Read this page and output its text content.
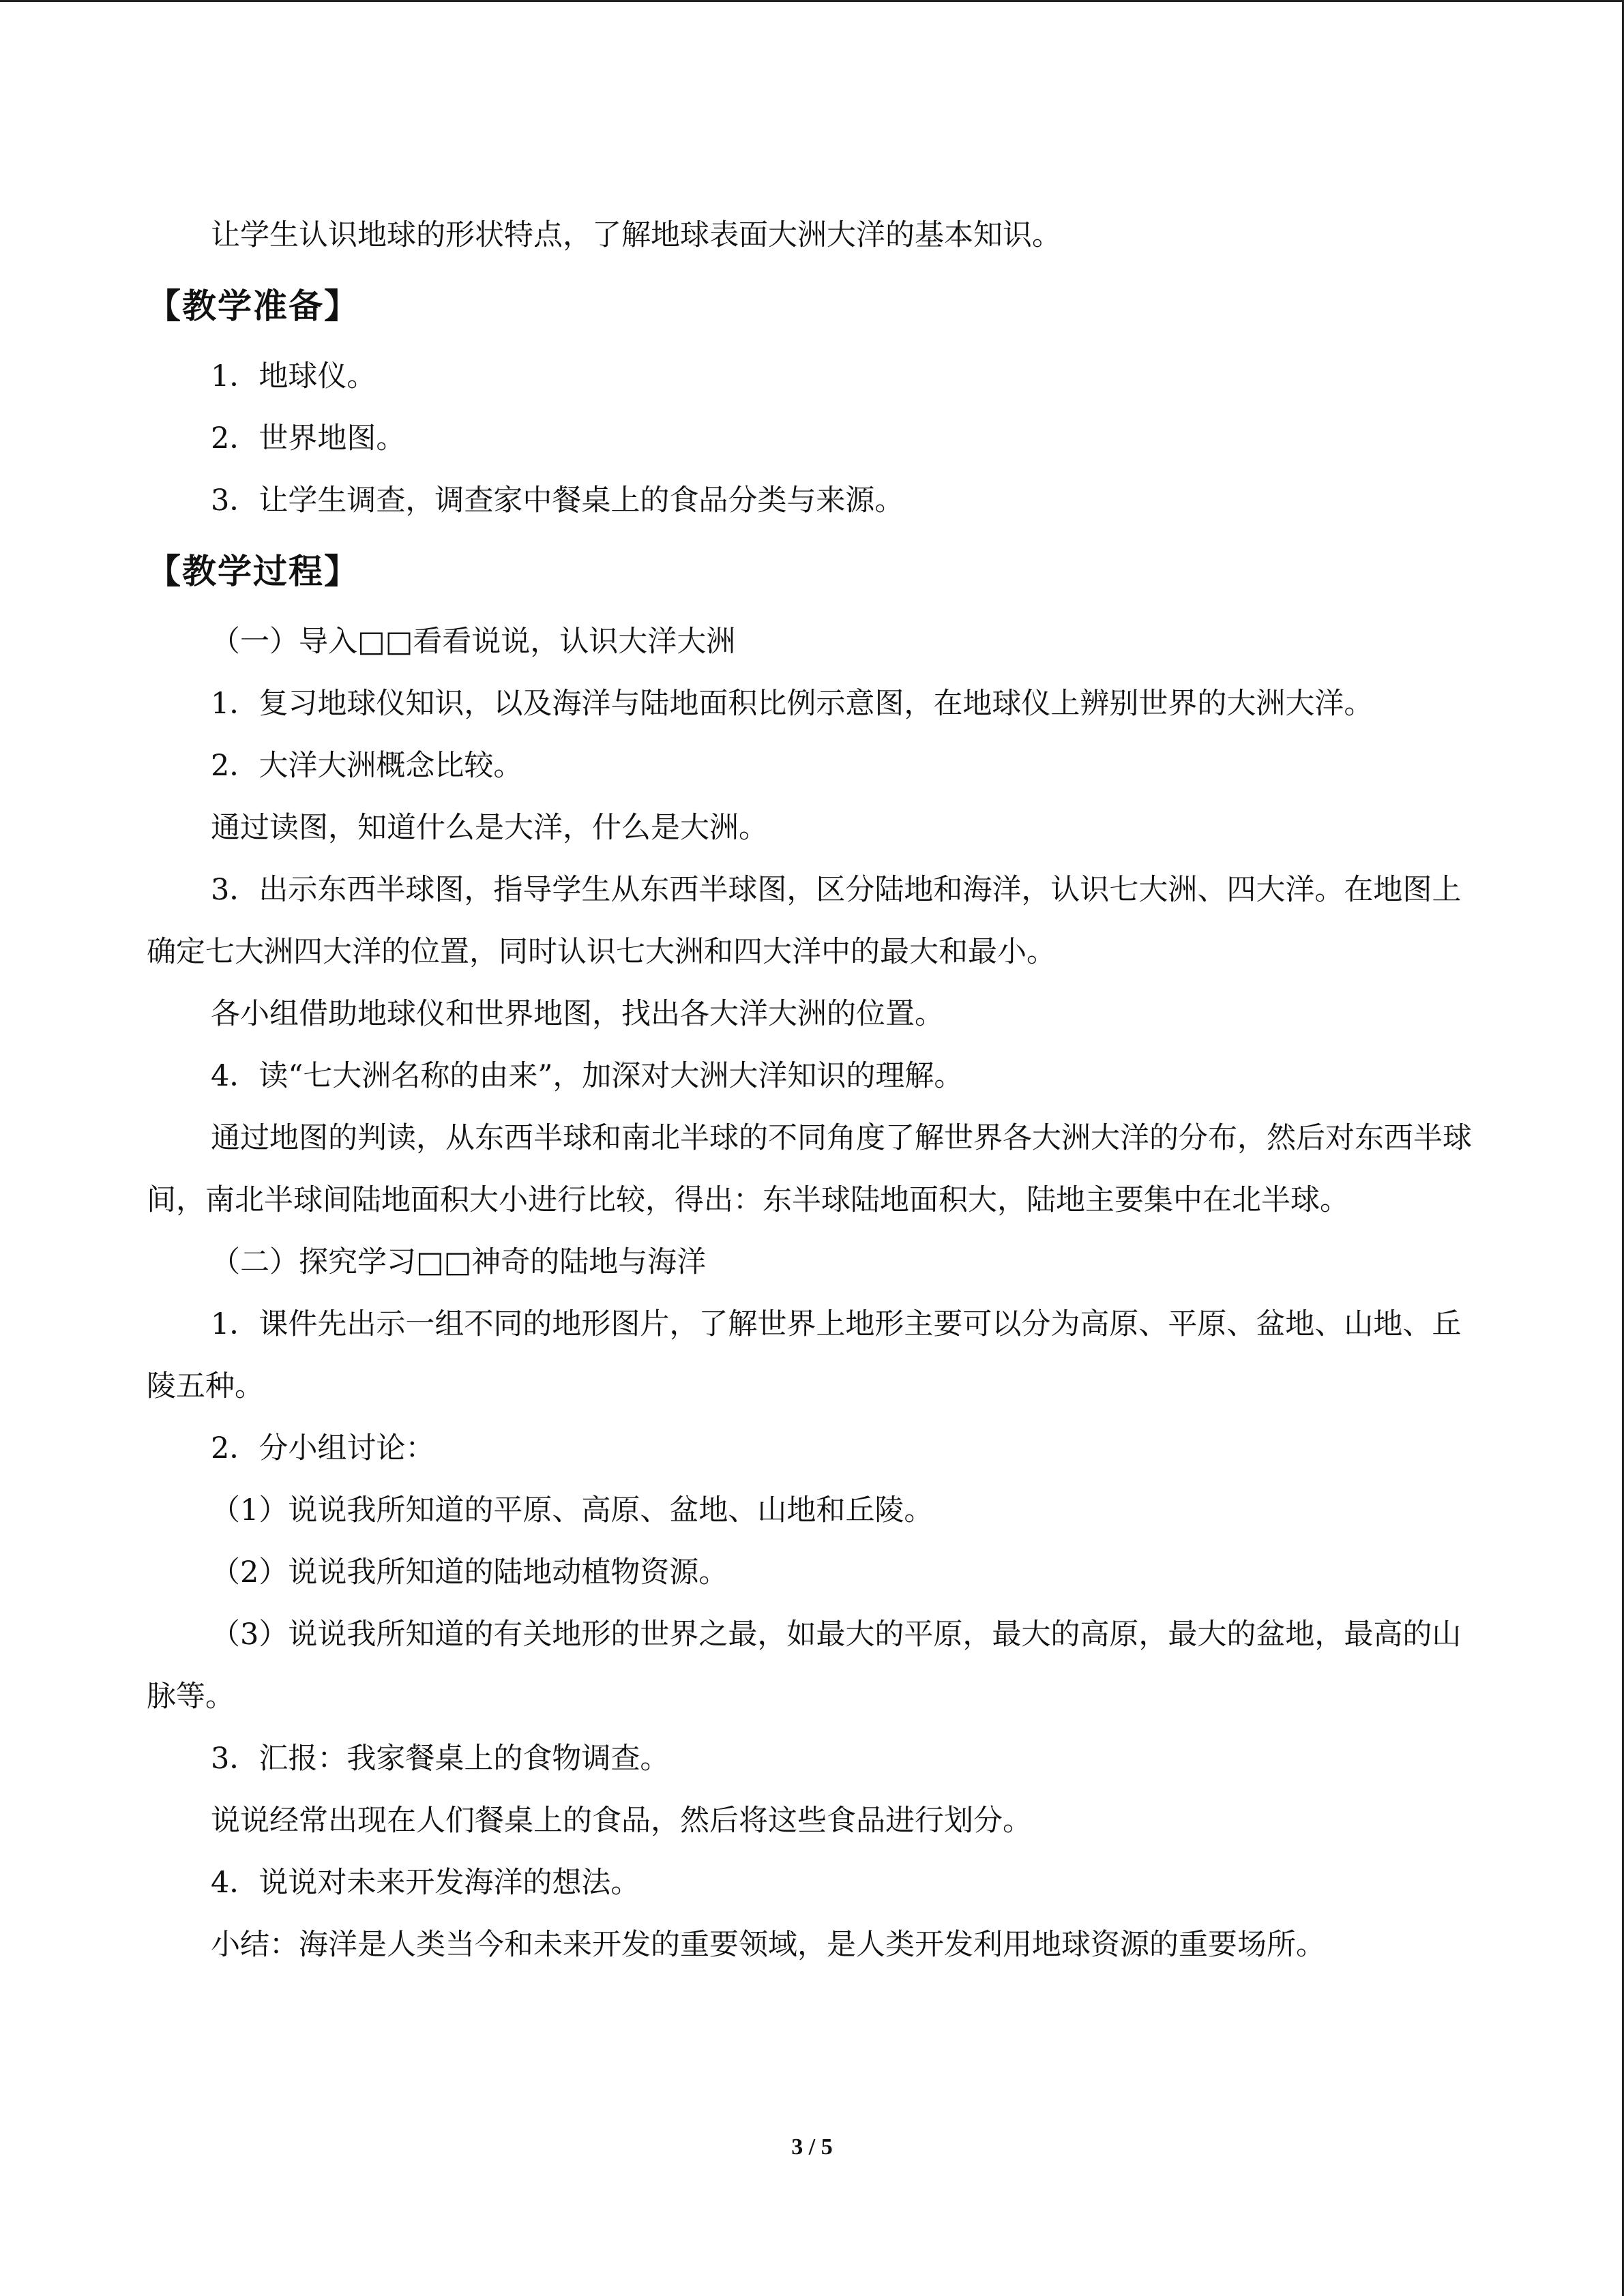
让学生认识地球的形状特点，了解地球表面大洲大洋的基本知识。

【教学准备】

1．地球仪。

2．世界地图。

3．让学生调查，调查家中餐桌上的食品分类与来源。

【教学过程】

（一）导入□□看看说说，认识大洋大洲

1．复习地球仪知识，以及海洋与陆地面积比例示意图，在地球仪上辨别世界的大洲大洋。

2．大洋大洲概念比较。

通过读图，知道什么是大洋，什么是大洲。

3．出示东西半球图，指导学生从东西半球图，区分陆地和海洋，认识七大洲、四大洋。在地图上确定七大洲四大洋的位置，同时认识七大洲和四大洋中的最大和最小。

各小组借助地球仪和世界地图，找出各大洋大洲的位置。

4．读“七大洲名称的由来”，加深对大洲大洋知识的理解。

通过地图的判读，从东西半球和南北半球的不同角度了解世界各大洲大洋的分布，然后对东西半球间，南北半球间陆地面积大小进行比较，得出：东半球陆地面积大，陆地主要集中在北半球。

（二）探究学习□□神奇的陆地与海洋

1．课件先出示一组不同的地形图片，了解世界上地形主要可以分为高原、平原、盆地、山地、丘陵五种。

2．分小组讨论：

（1）说说我所知道的平原、高原、盆地、山地和丘陵。

（2）说说我所知道的陆地动植物资源。

（3）说说我所知道的有关地形的世界之最，如最大的平原，最大的高原，最大的盆地，最高的山脉等。

3．汇报：我家餐桌上的食物调查。

说说经常出现在人们餐桌上的食品，然后将这些食品进行划分。

4．说说对未来开发海洋的想法。

小结：海洋是人类当今和未来开发的重要领域，是人类开发利用地球资源的重要场所。

3 / 5
